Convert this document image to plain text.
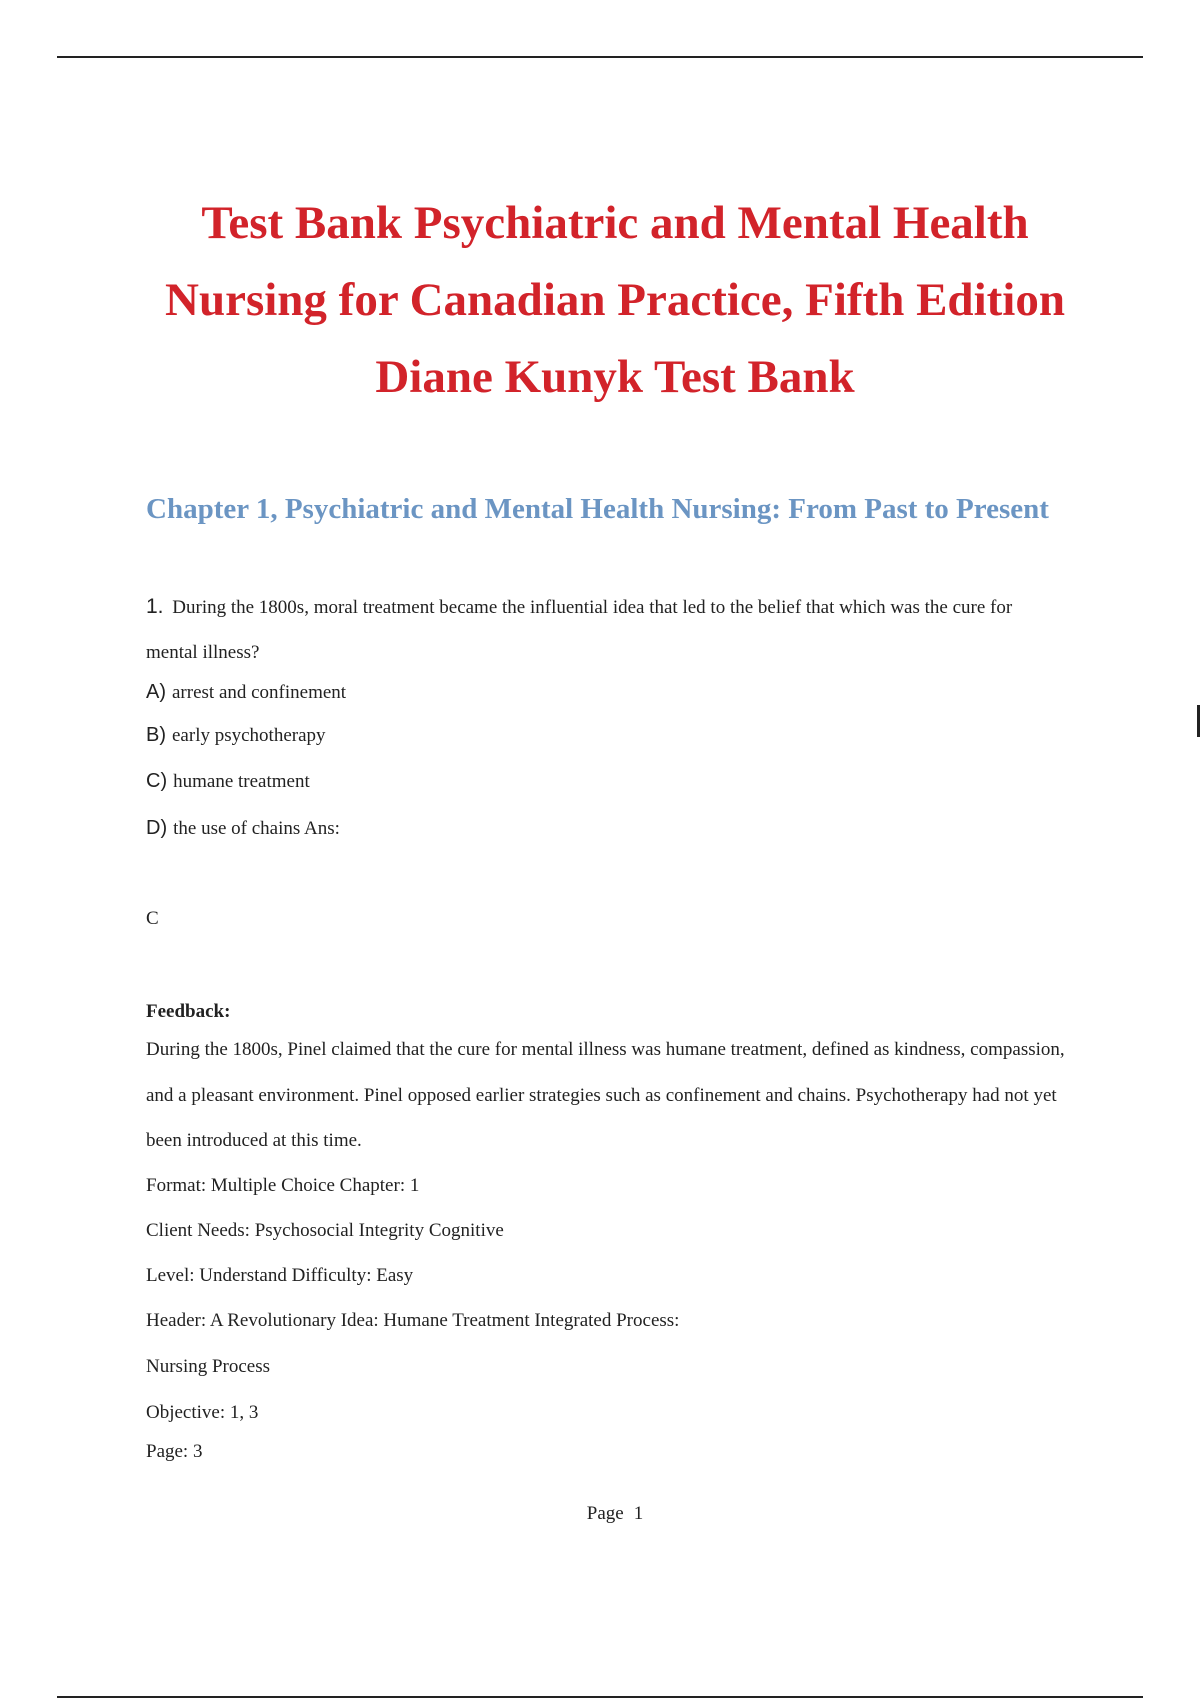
Test Bank Psychiatric and Mental Health
Nursing for Canadian Practice, Fifth Edition
Diane Kunyk Test Bank
Chapter 1, Psychiatric and Mental Health Nursing: From Past to Present
1. During the 1800s, moral treatment became the influential idea that led to the belief that which was the cure for mental illness?
A) arrest and confinement
B) early psychotherapy
C) humane treatment
D) the use of chains Ans:
C
Feedback:
During the 1800s, Pinel claimed that the cure for mental illness was humane treatment, defined as kindness, compassion, and a pleasant environment. Pinel opposed earlier strategies such as confinement and chains. Psychotherapy had not yet been introduced at this time.
Format: Multiple Choice Chapter: 1
Client Needs: Psychosocial Integrity Cognitive
Level: Understand Difficulty: Easy
Header: A Revolutionary Idea: Humane Treatment Integrated Process:
Nursing Process
Objective: 1, 3
Page: 3
Page 1
